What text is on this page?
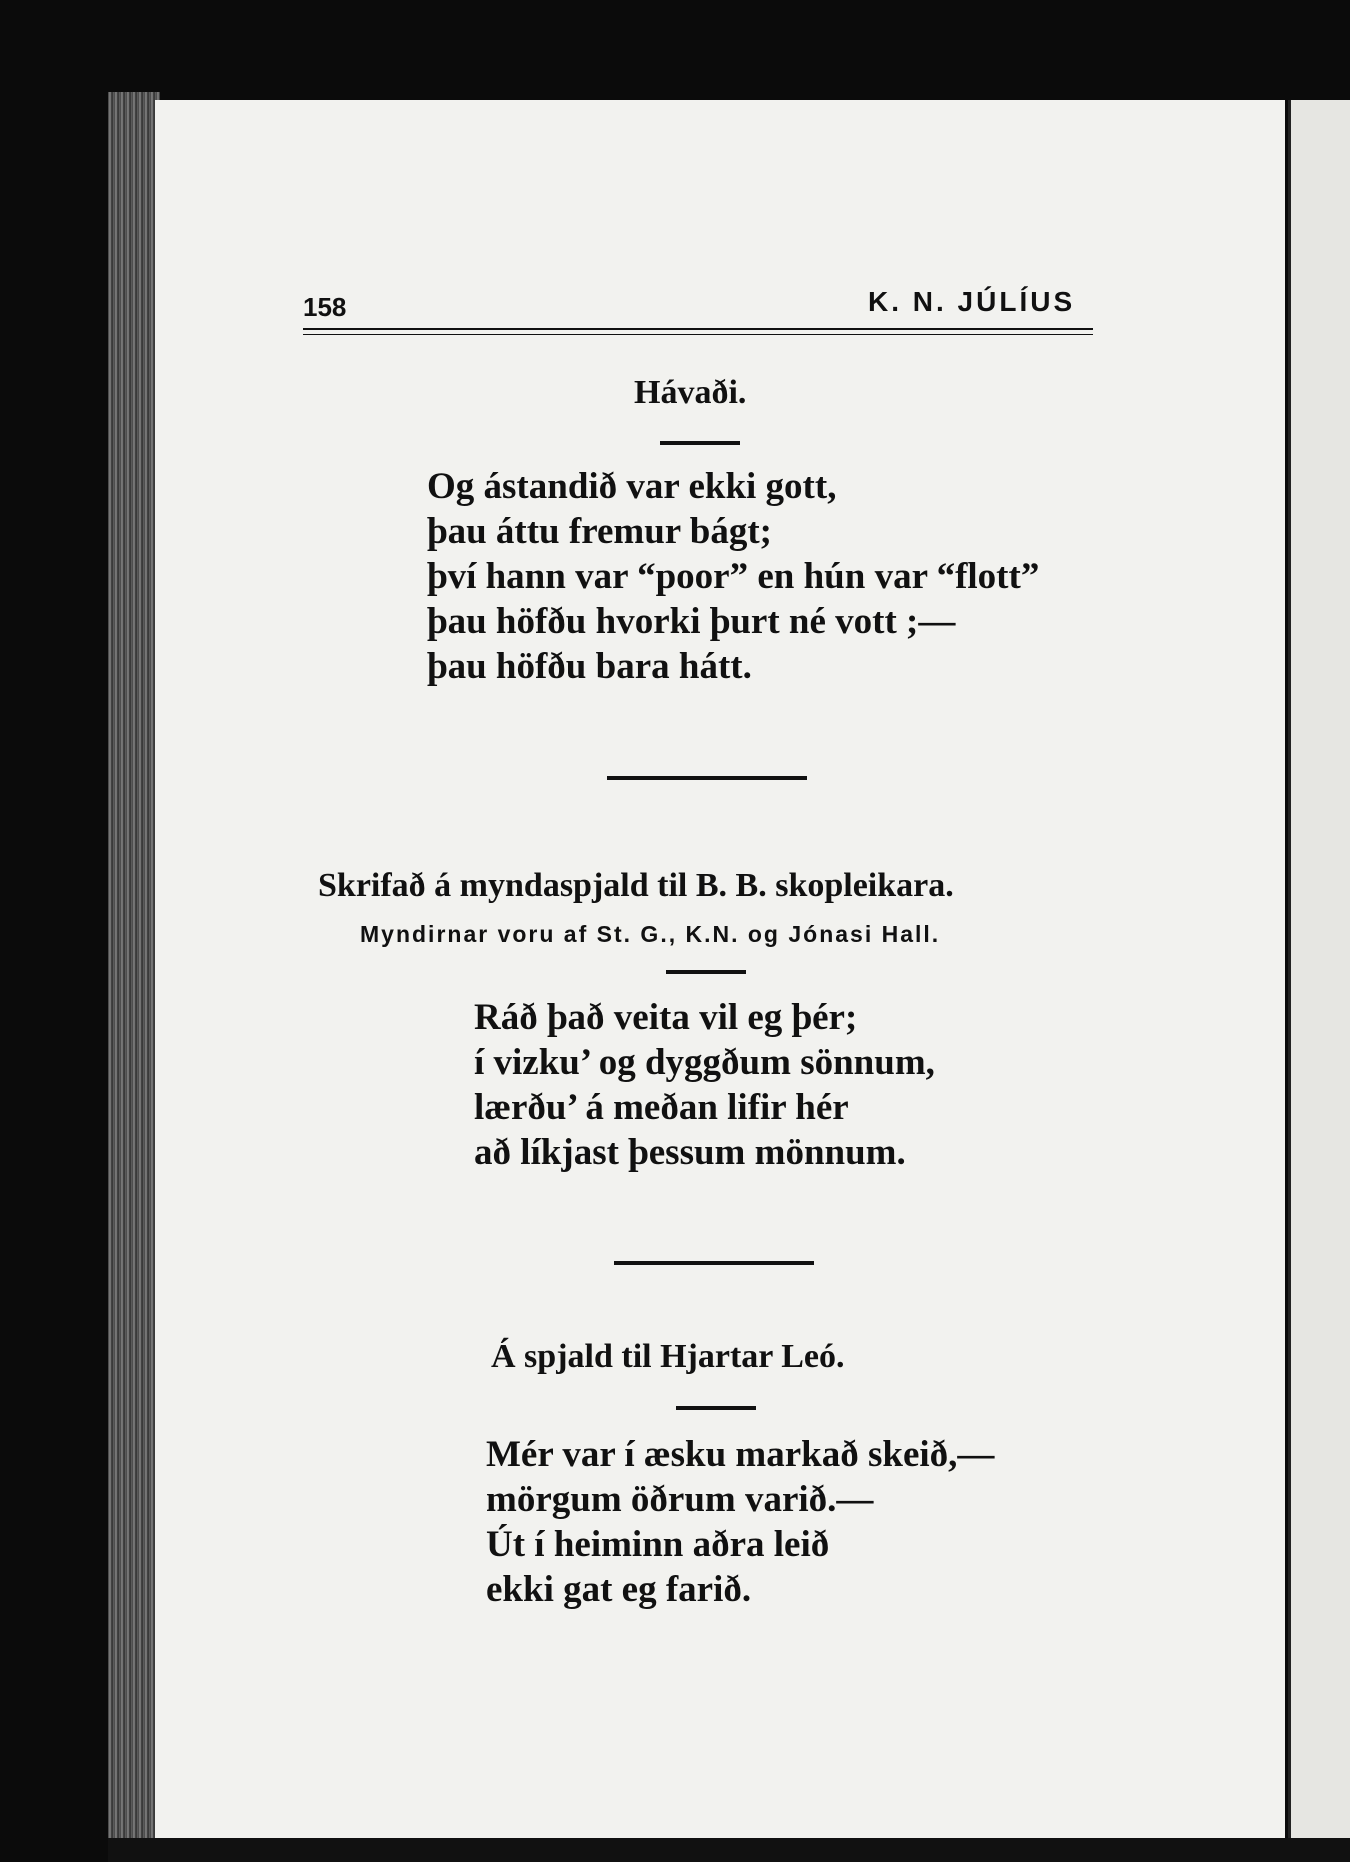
158	K. N. JÚLÍUS
Hávaði.
Og ástandið var ekki gott,
þau áttu fremur bágt;
því hann var “poor” en hún var “flott”
þau höfðu hvorki þurt né vott ;—
þau höfðu bara hátt.
Skrifað á myndaspjald til B. B. skopleikara.
Myndirnar voru af St. G., K.N. og Jónasi Hall.
Ráð það veita vil eg þér;
í vizku’ og dyggðum sönnum,
lærðu’ á meðan lifir hér
að líkjast þessum mönnum.
Á spjald til Hjartar Leó.
Mér var í æsku markað skeið,—
mörgum öðrum varið.—
Út í heiminn aðra leið
ekki gat eg farið.
